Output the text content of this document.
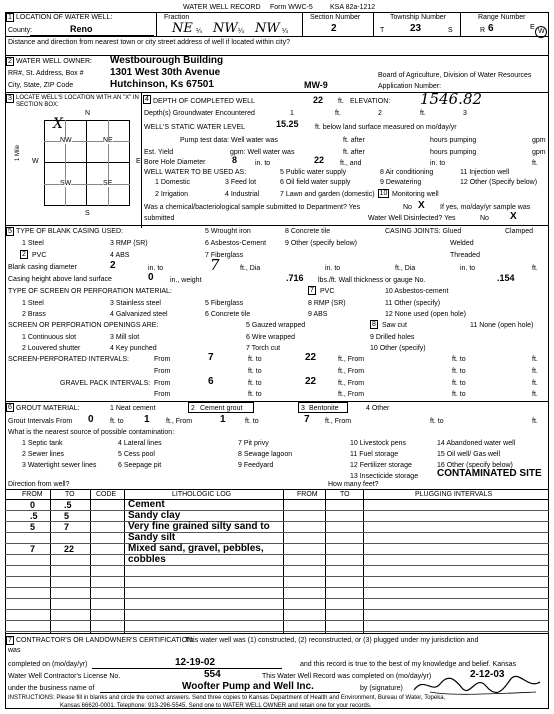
WATER WELL RECORD Form WWC-5 KSA 82a-1212
1 LOCATION OF WATER WELL:
County:	Reno
Fraction
NE ¼ NW ¼ NW ¼
Section Number
2
Township Number
T	23	S
Range Number
R 6	E
W
Distance and direction from nearest town or city street address of well if located within city?
2 WATER WELL OWNER: Westbourough Building
RR#, St. Address, Box #	1301 West 30th Avenue
City, State, ZIP Code	Hutchinson, Ks 67501	MW-9
Board of Agriculture, Division of Water Resources
Application Number:
3 LOCATE WELL'S LOCATION WITH AN "X" IN SECTION BOX:
N
S
W	E
1 Mile
NW	NE
SW	SE
X
4 DEPTH OF COMPLETED WELL	22 ft. ELEVATION: 1546.82
Depth(s) Groundwater Encountered	1	ft.	2	ft.	3
WELL'S STATIC WATER LEVEL	15.25 ft. below land surface measured on mo/day/yr
Pump test data: Well water was	ft. after	hours pumping	gpm
Est. Yield	gpm: Well water was	ft. after	hours pumping	gpm
Bore Hole Diameter	8	in. to	22 ft., and	in. to	ft.
WELL WATER TO BE USED AS:	5 Public water supply	8 Air conditioning	11 Injection well
1 Domestic	3 Feed lot	6 Oil field water supply	9 Dewatering	12 Other (Specify below)
2 Irrigation	4 Industrial	7 Lawn and garden (domestic) 10 Monitoring well
Was a chemical/bacteriological sample submitted to Department? Yes	No X If yes, mo/day/yr sample was
submitted	Water Well Disinfected? Yes	No X
5 TYPE OF BLANK CASING USED:	5 Wrought iron	8 Concrete tile	CASING JOINTS: Glued	Clamped
1 Steel	3 RMP (SR)	6 Asbestos-Cement	9 Other (specify below)	Welded
2 PVC	4 ABS	7 Fiberglass	Threaded
Blank casing diameter	2	in. to	7	ft., Dia	in. to	ft., Dia	in. to	ft.
Casing height above land surface	0 in., weight	.716 lbs./ft. Wall thickness or gauge No.	.154
TYPE OF SCREEN OR PERFORATION MATERIAL:	7 PVC	10 Asbestos-cement
1 Steel	3 Stainless steel	5 Fiberglass	8 RMP (SR)	11 Other (specify)
2 Brass	4 Galvanized steel	6 Concrete tile	9 ABS	12 None used (open hole)
SCREEN OR PERFORATION OPENINGS ARE:	5 Gauzed wrapped	8 Saw cut	11 None (open hole)
1 Continuous slot	3 Mill slot	6 Wire wrapped	9 Drilled holes
2 Louvered shutter	4 Key punched	7 Torch cut	10 Other (specify)
SCREEN-PERFORATED INTERVALS:	From	7	ft. to	22	ft., From	ft. to	ft.
From	ft. to	ft., From	ft. to	ft.
GRAVEL PACK INTERVALS: From	6	ft. to	22	ft., From	ft. to	ft.
From	ft. to	ft., From	ft. to	ft.
6 GROUT MATERIAL:	1 Neat cement	2 Cement grout	3 Bentonite	4 Other
Grout Intervals From 0 ft. to 1 ft., From	1	ft. to	7 ft., From	ft. to	ft.
What is the nearest source of possible contamination:
1 Septic tank	4 Lateral lines	7 Pit privy	10 Livestock pens	14 Abandoned water well
2 Sewer lines	5 Cess pool	8 Sewage lagoon	11 Fuel storage	15 Oil well/ Gas well
3 Watertight sewer lines	6 Seepage pit	9 Feedyard	12 Fertilizer storage	16 Other (specify below)
13 Insecticide storage CONTAMINATED SITE
Direction from well?	How many feet?
FROM	TO	CODE	LITHOLOGIC LOG	FROM	TO	PLUGGING INTERVALS
0	.5	Cement
.5	5	Sandy clay
5	7	Very fine grained silty sand to
Sandy silt
7	22	Mixed sand, gravel, pebbles,
cobbles
7 CONTRACTOR'S OR LANDOWNER'S CERTIFICATION:
This water well was (1) constructed, (2) reconstructed, or (3) plugged under my jurisdiction and
was
completed on (mo/day/yr)	12-19-02	and this record is true to the best of my knowledge and belief. Kansas
Water Well Contractor's License No.	554	This Water Well Record was completed on (mo/day/yr)	2-12-03
under the business name of	Woofter Pump and Well Inc.	by (signature)
INSTRUCTIONS: Please fill in blanks and circle the correct answers. Send three copies to Kansas Department of Health and Environment, Bureau of Water, Topeka,
Kansas 66620-0001. Telephone: 913-296-5545. Send one to WATER WELL OWNER and retain one for your records.
